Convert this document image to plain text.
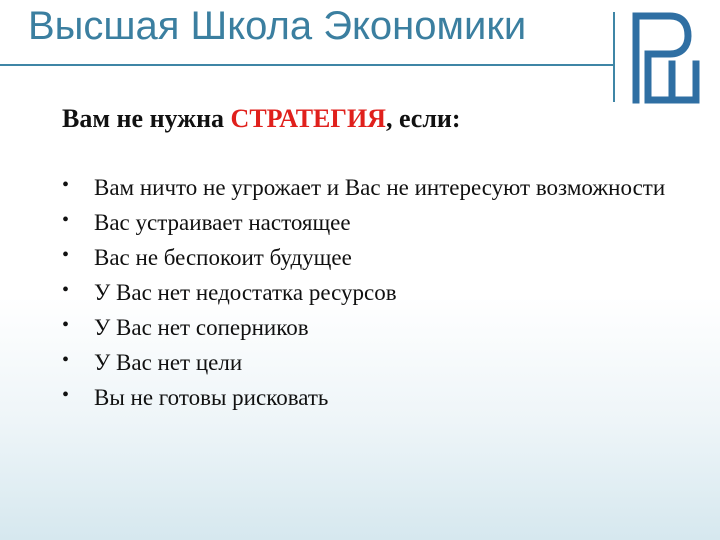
Высшая Школа Экономики
Вам не нужна СТРАТЕГИЯ, если:
• Вам ничто не угрожает и Вас не интересуют возможности
• Вас устраивает настоящее
• Вас не беспокоит будущее
• У Вас нет недостатка ресурсов
• У Вас нет соперников
• У Вас нет цели
• Вы не готовы рисковать
